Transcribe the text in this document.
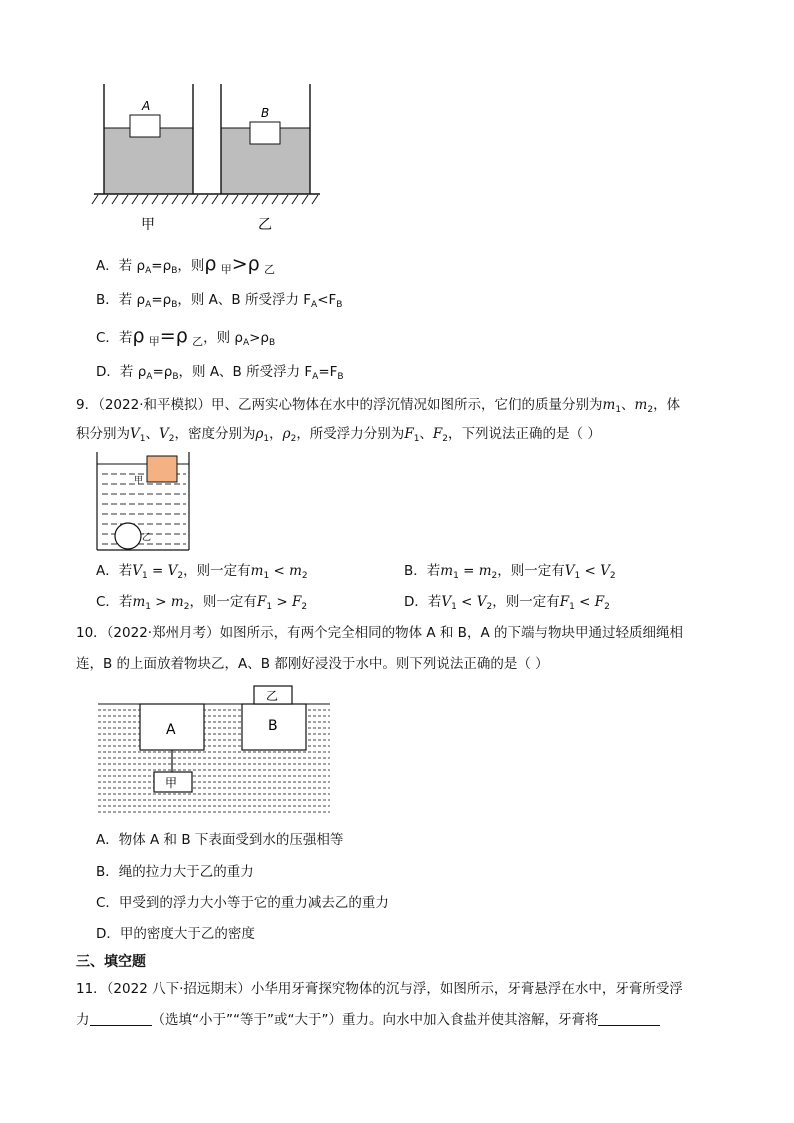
A	B
甲	乙
A．若 $\rho_A=\rho_B$，则ρ $_甲$>ρ $_乙$
B．若 $\rho_A=\rho_B$，则 A、B 所受浮力 $F_A<F_B$
C．若ρ $_甲$=ρ $_乙$，则 $\rho_A>\rho_B$
D．若 $\rho_A=\rho_B$，则 A、B 所受浮力 $F_A=F_B$
9．（2022·和平模拟）甲、乙两实心物体在水中的浮沉情况如图所示，它们的质量分别为$m_1$、$m_2$，体
积分别为$V_1$、$V_2$，密度分别为$\rho_1$，$\rho_2$，所受浮力分别为$F_1$、$F_2$，下列说法正确的是（ ）
甲
乙
A．若$V_1 = V_2$，则一定有$m_1 < m_2$	B．若$m_1 = m_2$，则一定有$V_1 < V_2$
C．若$m_1 > m_2$，则一定有$F_1 > F_2$	D．若$V_1 < V_2$，则一定有$F_1 < F_2$
10．（2022·郑州月考）如图所示，有两个完全相同的物体 A 和 B，A 的下端与物块甲通过轻质细绳相
连，B 的上面放着物块乙，A、B 都刚好浸没于水中。则下列说法正确的是（ ）
A	B
乙
甲
A．物体 A 和 B 下表面受到水的压强相等
B．绳的拉力大于乙的重力
C．甲受到的浮力大小等于它的重力减去乙的重力
D．甲的密度大于乙的密度
三、填空题
11．（2022 八下·招远期末）小华用牙膏探究物体的沉与浮，如图所示，牙膏悬浮在水中，牙膏所受浮
力	（选填“小于”“等于”或“大于”）重力。向水中加入食盐并使其溶解，牙膏将
